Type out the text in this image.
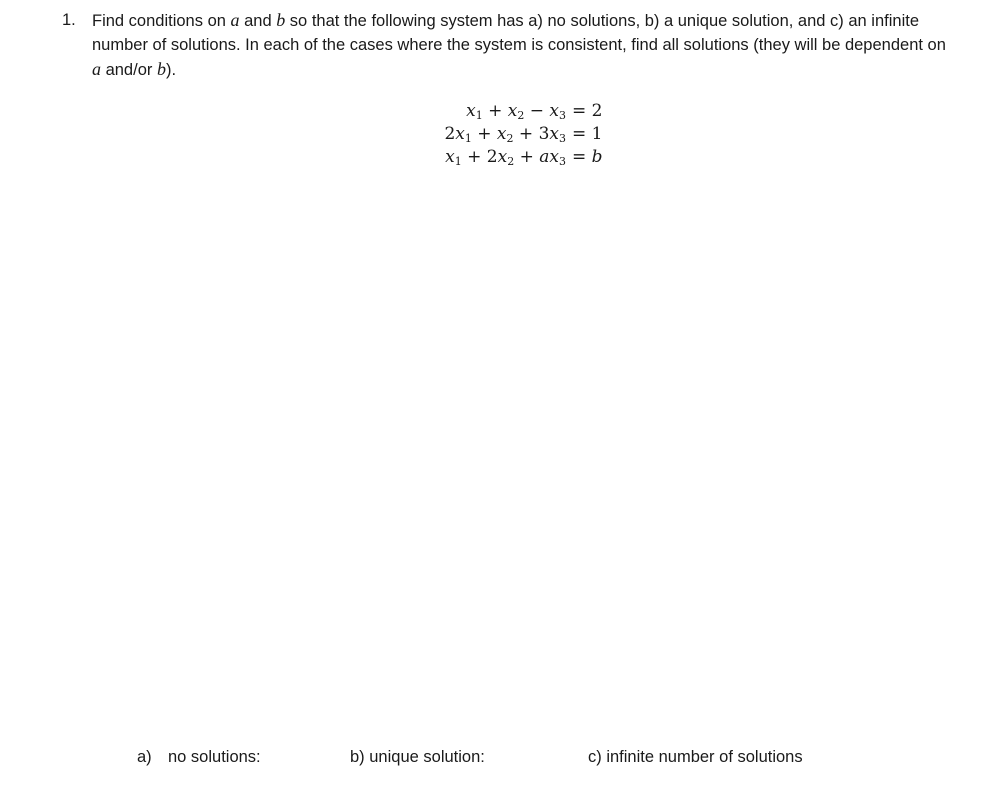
1. Find conditions on a and b so that the following system has a) no solutions, b) a unique solution, and c) an infinite number of solutions. In each of the cases where the system is consistent, find all solutions (they will be dependent on a and/or b).
$x_1 + x_2 - x_3 = 2$
$2x_1 + x_2 + 3x_3 = 1$
$x_1 + 2x_2 + ax_3 = b$
a) no solutions:	b) unique solution:	c) infinite number of solutions
